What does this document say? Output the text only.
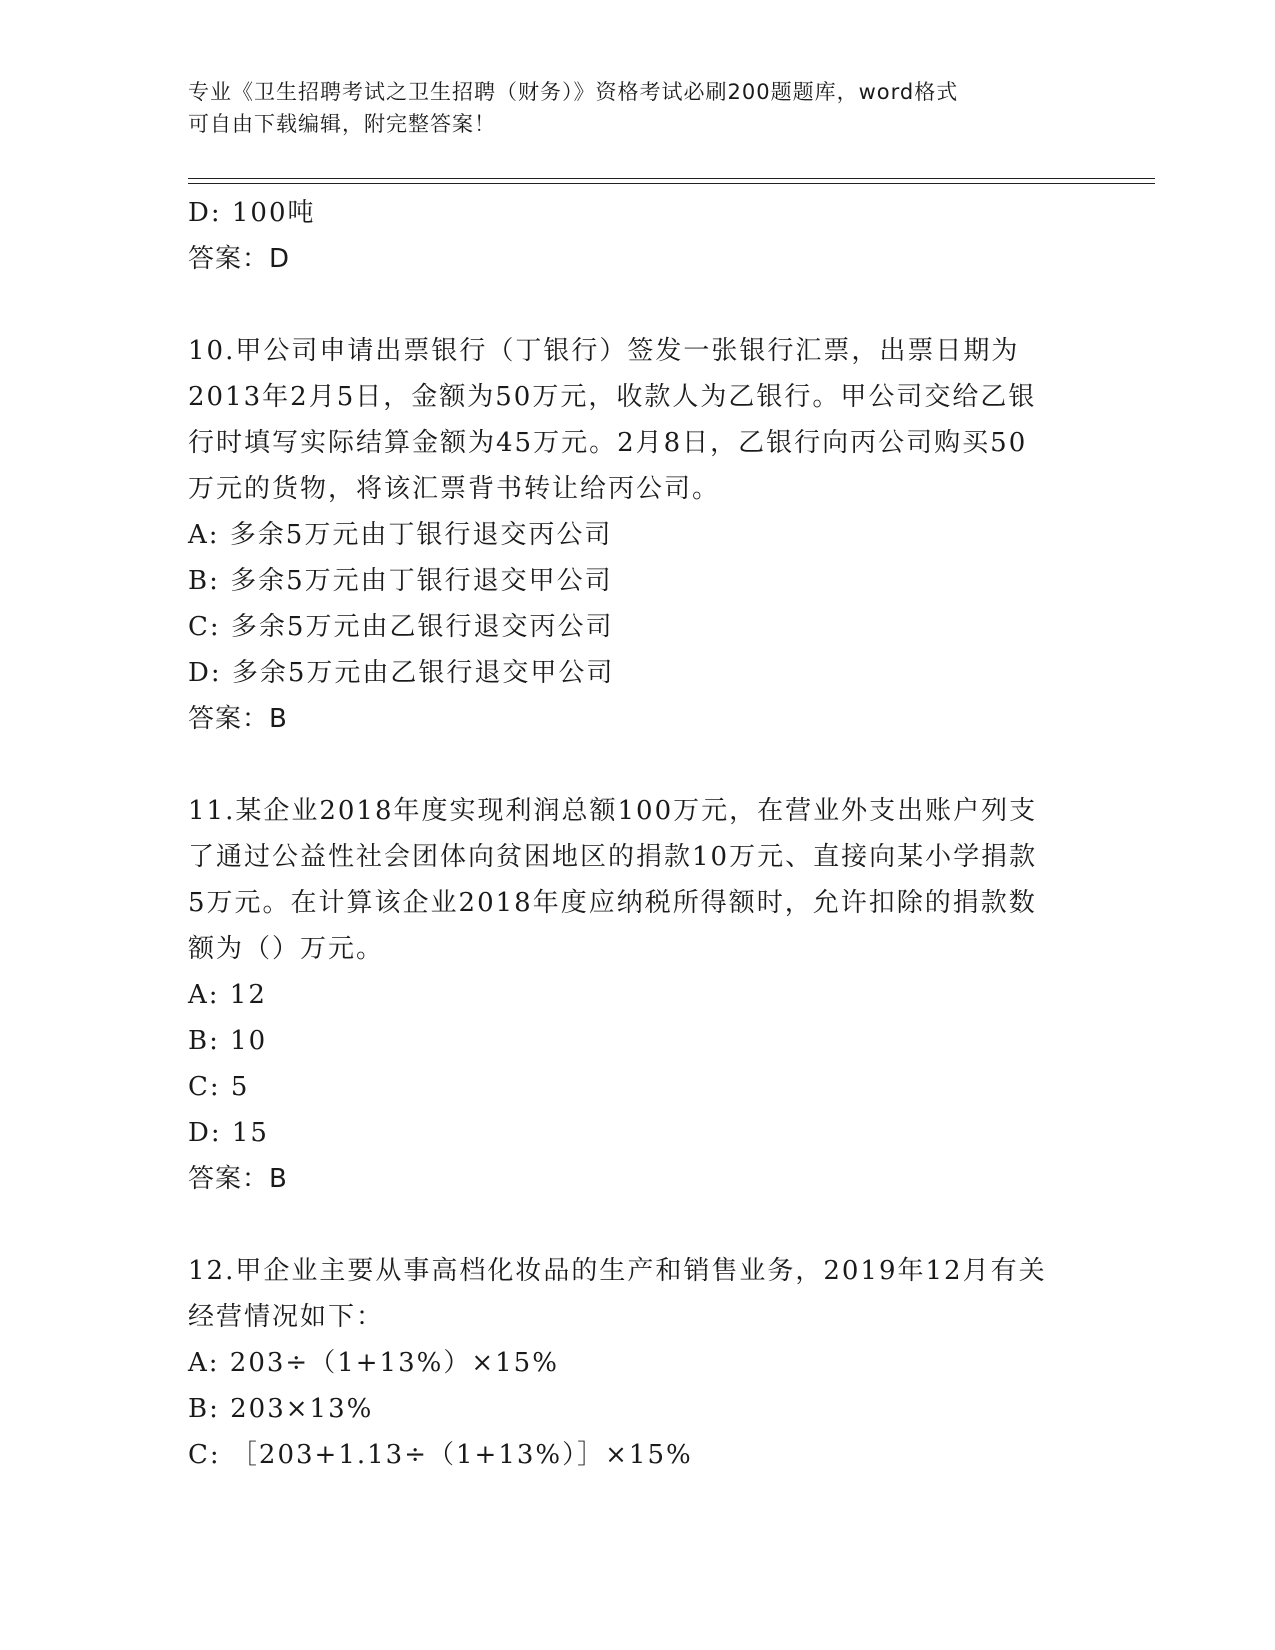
专业《卫生招聘考试之卫生招聘（财务）》资格考试必刷200题题库，word格式
可自由下载编辑，附完整答案！
D: 100吨
答案：D
10.甲公司申请出票银行（丁银行）签发一张银行汇票，出票日期为
2013年2月5日，金额为50万元，收款人为乙银行。甲公司交给乙银
行时填写实际结算金额为45万元。2月8日，乙银行向丙公司购买50
万元的货物，将该汇票背书转让给丙公司。
A: 多余5万元由丁银行退交丙公司
B: 多余5万元由丁银行退交甲公司
C: 多余5万元由乙银行退交丙公司
D: 多余5万元由乙银行退交甲公司
答案：B
11.某企业2018年度实现利润总额100万元，在营业外支出账户列支
了通过公益性社会团体向贫困地区的捐款10万元、直接向某小学捐款
5万元。在计算该企业2018年度应纳税所得额时，允许扣除的捐款数
额为（）万元。
A: 12
B: 10
C: 5
D: 15
答案：B
12.甲企业主要从事高档化妆品的生产和销售业务，2019年12月有关
经营情况如下：
A: 203÷（1+13%）×15%
B: 203×13%
C: ［203+1.13÷（1+13%）］×15%
